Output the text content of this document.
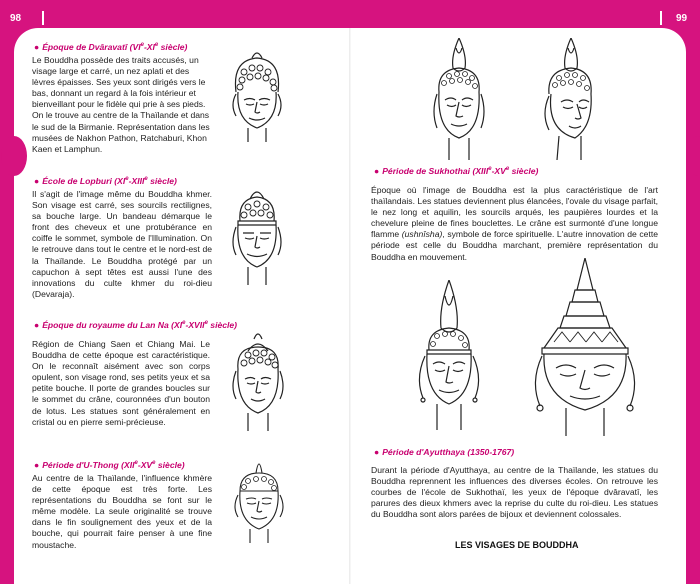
98	99
● Époque de Dvâravatî (VIe-XIe siècle)

Le Bouddha possède des traits accusés, un visage large et carré, un nez aplati et des lèvres épaisses. Ses yeux sont dirigés vers le bas, donnant un regard à la fois intérieur et bienveillant pour le fidèle qui prie à ses pieds. On le trouve au centre de la Thaïlande et dans le sud de la Birmanie. Représentation dans les musées de Nakhon Pathon, Ratchaburi, Khon Kaen et Lamphun.

● École de Lopburi (XIe-XIIIe siècle)

Il s'agit de l'image même du Bouddha khmer. Son visage est carré, ses sourcils rectilignes, sa bouche large. Un bandeau démarque le front des cheveux et une protubérance en coiffe le sommet, symbole de l'Illumination. On le retrouve dans tout le centre et le nord-est de la Thaïlande. Le Bouddha protégé par un capuchon à sept têtes est aussi l'une des innovations du culte khmer du roi-dieu (Devaraja).

● Époque du royaume du Lan Na (XIe-XVIIe siècle)

Région de Chiang Saen et Chiang Mai. Le Bouddha de cette époque est caractéristique. On le reconnaît aisément avec son corps opulent, son visage rond, ses petits yeux et sa petite bouche. Il porte de grandes boucles sur le sommet du crâne, couronnées d'un bouton de lotus. Les statues sont généralement en cristal ou en pierre semi-précieuse.

● Période d'U-Thong (XIIe-XVe siècle)

Au centre de la Thaïlande, l'influence khmère de cette époque est très forte. Les représentations du Bouddha se font sur le même modèle. La seule originalité se trouve dans le fin soulignement des yeux et de la bouche, qui pourrait faire penser à une fine moustache.

● Période de Sukhothai (XIIIe-XVe siècle)

Époque où l'image de Bouddha est la plus caractéristique de l'art thaïlandais. Les statues deviennent plus élancées, l'ovale du visage parfait, le nez long et aquilin, les sourcils arqués, les paupières lourdes et la chevelure pleine de fines bouclettes. Le crâne est surmonté d'une longue flamme (ushnîsha), symbole de force spirituelle. L'autre innovation de cette période est celle du Bouddha marchant, première représentation du Bouddha en mouvement.

● Période d'Ayutthaya (1350-1767)

Durant la période d'Ayutthaya, au centre de la Thaïlande, les statues du Bouddha reprennent les influences des diverses écoles. On retrouve les courbes de l'école de Sukhothaï, les yeux de l'époque dvâravatî, les parures des dieux khmers avec la reprise du culte du roi-dieu. Les statues du Bouddha sont alors parées de bijoux et deviennent colossales.

LES VISAGES DE BOUDDHA
